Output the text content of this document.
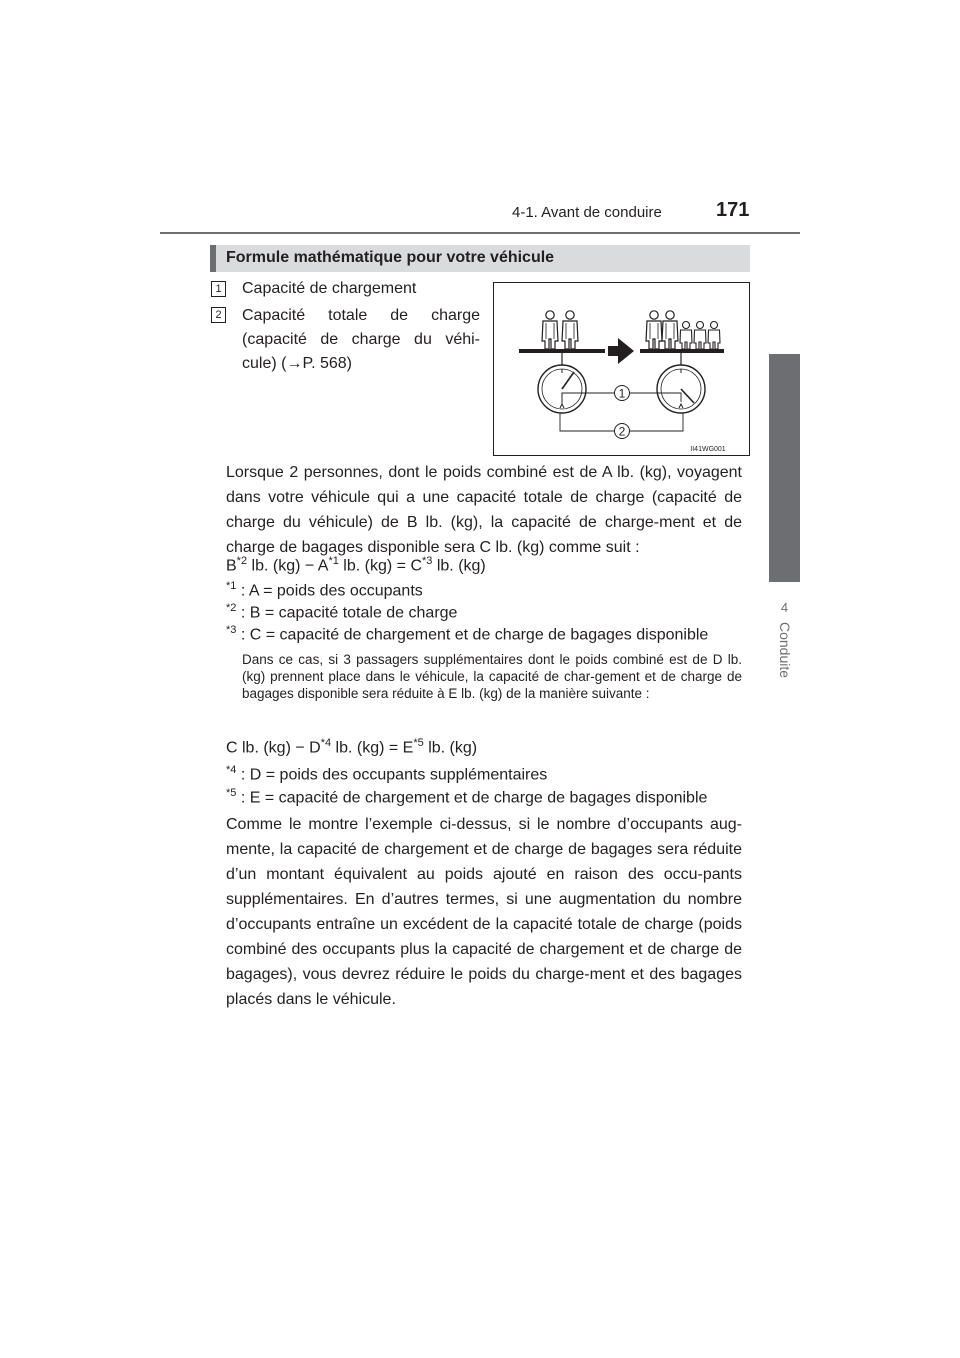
4-1. Avant de conduire	171
4
Conduite
Formule mathématique pour votre véhicule
1 Capacité de chargement
2 Capacité totale de charge
(capacité de charge du véhi-
cule) (→P. 568)
1
2
II41WG001
Lorsque 2 personnes, dont le poids combiné est de A lb. (kg), voyagent dans votre véhicule qui a une capacité totale de charge (capacité de charge du véhicule) de B lb. (kg), la capacité de charge-ment et de charge de bagages disponible sera C lb. (kg) comme suit :
$B^{*2}$ lb. $(kg) - A^{*1}$ lb. $(kg) = C^{*3}$ lb. (kg)
$^{*1}$ : A = poids des occupants
$^{*2}$ : B = capacité totale de charge
$^{*3}$ : C = capacité de chargement et de charge de bagages disponible
Dans ce cas, si 3 passagers supplémentaires dont le poids combiné est de D lb. (kg) prennent place dans le véhicule, la capacité de char-gement et de charge de bagages disponible sera réduite à E lb. (kg) de la manière suivante :
C lb. $(kg) - D^{*4}$ lb. $(kg) = E^{*5}$ lb. (kg)
$^{*4}$ : D = poids des occupants supplémentaires
$^{*5}$ : E = capacité de chargement et de charge de bagages disponible
Comme le montre l’exemple ci-dessus, si le nombre d’occupants aug-mente, la capacité de chargement et de charge de bagages sera réduite d’un montant équivalent au poids ajouté en raison des occu-pants supplémentaires. En d’autres termes, si une augmentation du nombre d’occupants entraîne un excédent de la capacité totale de charge (poids combiné des occupants plus la capacité de chargement et de charge de bagages), vous devrez réduire le poids du charge-ment et des bagages placés dans le véhicule.
